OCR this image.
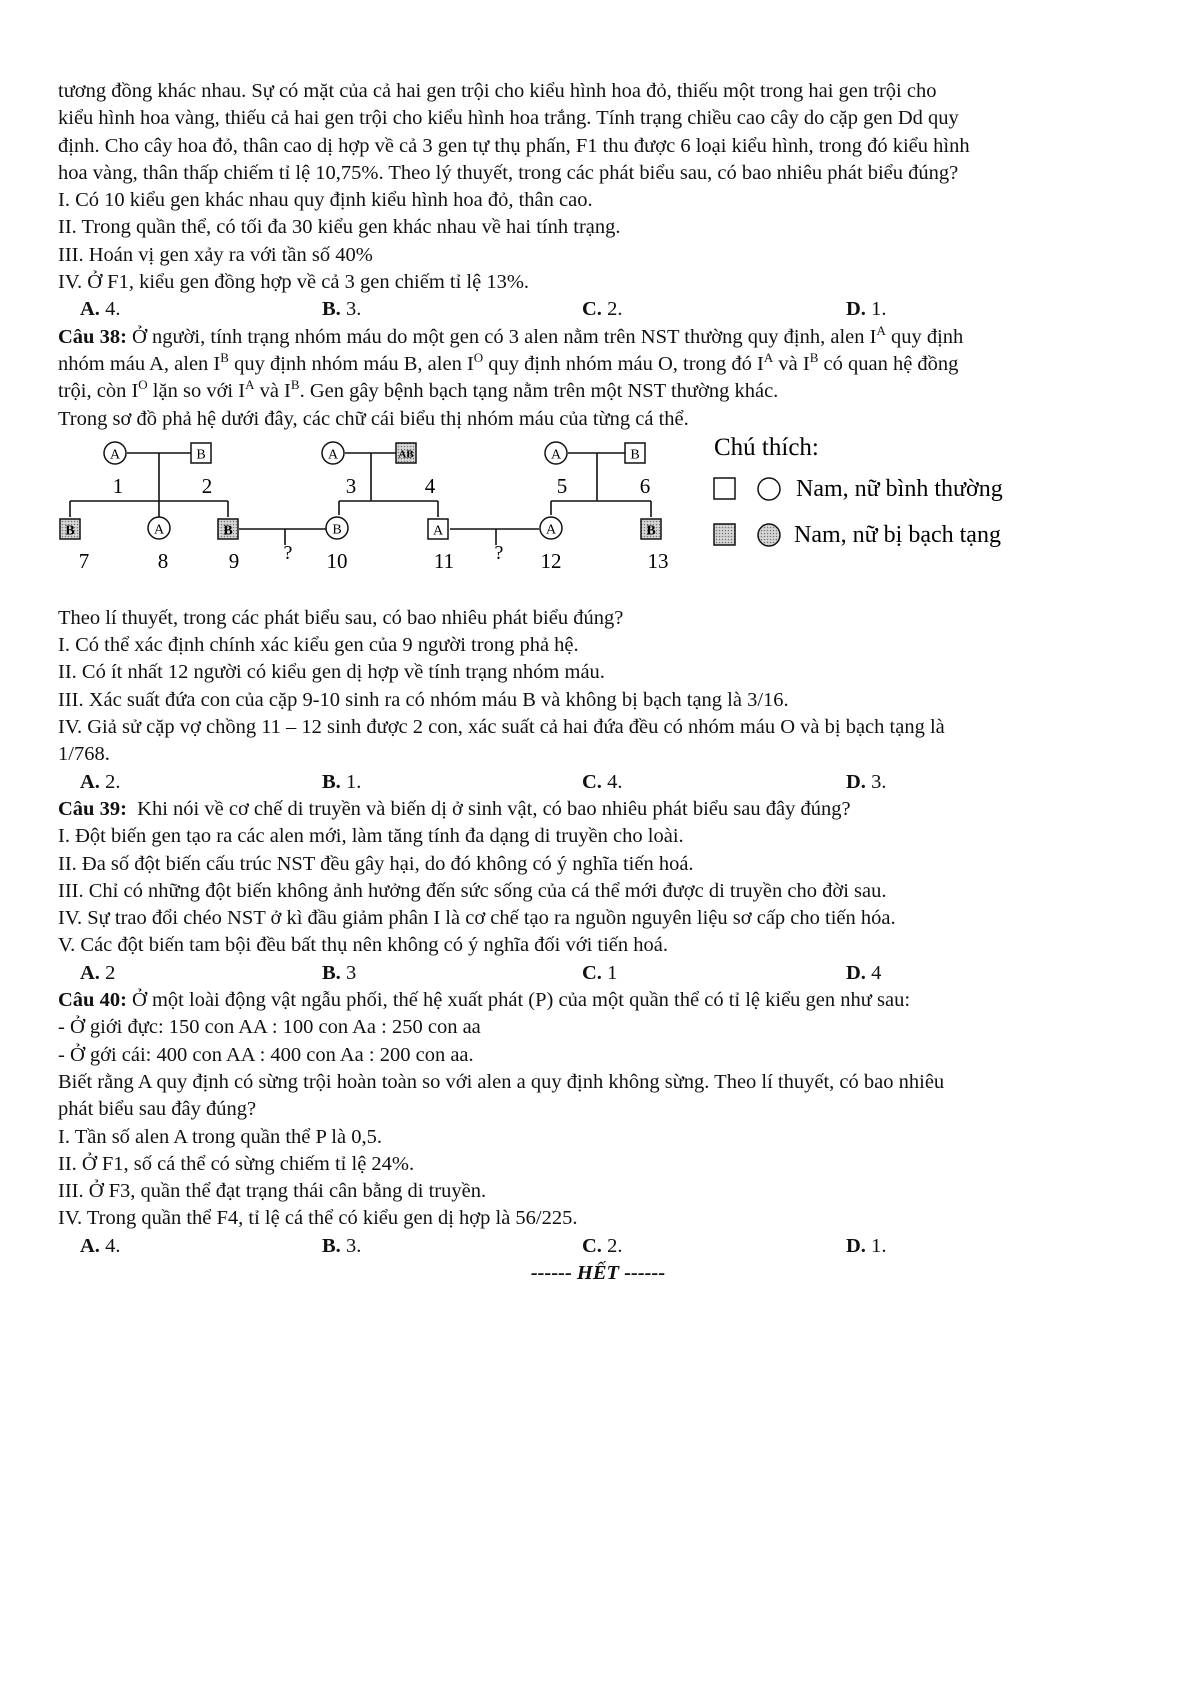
tương đồng khác nhau. Sự có mặt của cả hai gen trội cho kiểu hình hoa đỏ, thiếu một trong hai gen trội cho
kiểu hình hoa vàng, thiếu cả hai gen trội cho kiểu hình hoa trắng. Tính trạng chiều cao cây do cặp gen Dd quy
định. Cho cây hoa đỏ, thân cao dị hợp về cả 3 gen tự thụ phấn, F1 thu được 6 loại kiểu hình, trong đó kiểu hình
hoa vàng, thân thấp chiếm tỉ lệ 10,75%. Theo lý thuyết, trong các phát biểu sau, có bao nhiêu phát biểu đúng?
I. Có 10 kiểu gen khác nhau quy định kiểu hình hoa đỏ, thân cao.
II. Trong quần thể, có tối đa 30 kiểu gen khác nhau về hai tính trạng.
III. Hoán vị gen xảy ra với tần số 40%
IV. Ở F1, kiểu gen đồng hợp về cả 3 gen chiếm tỉ lệ 13%.
A. 4.	B. 3.	C. 2.	D. 1.
Câu 38: Ở người, tính trạng nhóm máu do một gen có 3 alen nằm trên NST thường quy định, alen $I^A$ quy định
nhóm máu A, alen $I^B$ quy định nhóm máu B, alen $I^O$ quy định nhóm máu O, trong đó $I^A$ và $I^B$ có quan hệ đồng
trội, còn $I^O$ lặn so với $I^A$ và $I^B$. Gen gây bệnh bạch tạng nằm trên một NST thường khác.
Trong sơ đồ phả hệ dưới đây, các chữ cái biểu thị nhóm máu của từng cá thể.
A	B	A	AB	A	B
1	2	3	4	5	6
B	A	B	B	A	A	B
?	?
7	8	9	10	11	12	13
Chú thích:
Nam, nữ bình thường
Nam, nữ bị bạch tạng
Theo lí thuyết, trong các phát biểu sau, có bao nhiêu phát biểu đúng?
I. Có thể xác định chính xác kiểu gen của 9 người trong phả hệ.
II. Có ít nhất 12 người có kiểu gen dị hợp về tính trạng nhóm máu.
III. Xác suất đứa con của cặp 9-10 sinh ra có nhóm máu B và không bị bạch tạng là 3/16.
IV. Giả sử cặp vợ chồng 11 – 12 sinh được 2 con, xác suất cả hai đứa đều có nhóm máu O và bị bạch tạng là
1/768.
A. 2.	B. 1.	C. 4.	D. 3.
Câu 39:  Khi nói về cơ chế di truyền và biến dị ở sinh vật, có bao nhiêu phát biểu sau đây đúng?
I. Đột biến gen tạo ra các alen mới, làm tăng tính đa dạng di truyền cho loài.
II. Đa số đột biến cấu trúc NST đều gây hại, do đó không có ý nghĩa tiến hoá.
III. Chỉ có những đột biến không ảnh hưởng đến sức sống của cá thể mới được di truyền cho đời sau.
IV. Sự trao đổi chéo NST ở kì đầu giảm phân I là cơ chế tạo ra nguồn nguyên liệu sơ cấp cho tiến hóa.
V. Các đột biến tam bội đều bất thụ nên không có ý nghĩa đối với tiến hoá.
A. 2	B. 3	C. 1	D. 4
Câu 40: Ở một loài động vật ngẫu phối, thế hệ xuất phát (P) của một quần thể có tỉ lệ kiểu gen như sau:
- Ở giới đực: 150 con AA : 100 con Aa : 250 con aa
- Ở gới cái: 400 con AA : 400 con Aa : 200 con aa.
Biết rằng A quy định có sừng trội hoàn toàn so với alen a quy định không sừng. Theo lí thuyết, có bao nhiêu
phát biểu sau đây đúng?
I. Tần số alen A trong quần thể P là 0,5.
II. Ở F1, số cá thể có sừng chiếm tỉ lệ 24%.
III. Ở F3, quần thể đạt trạng thái cân bằng di truyền.
IV. Trong quần thể F4, tỉ lệ cá thể có kiểu gen dị hợp là 56/225.
A. 4.	B. 3.	C. 2.	D. 1.
------ HẾT ------
